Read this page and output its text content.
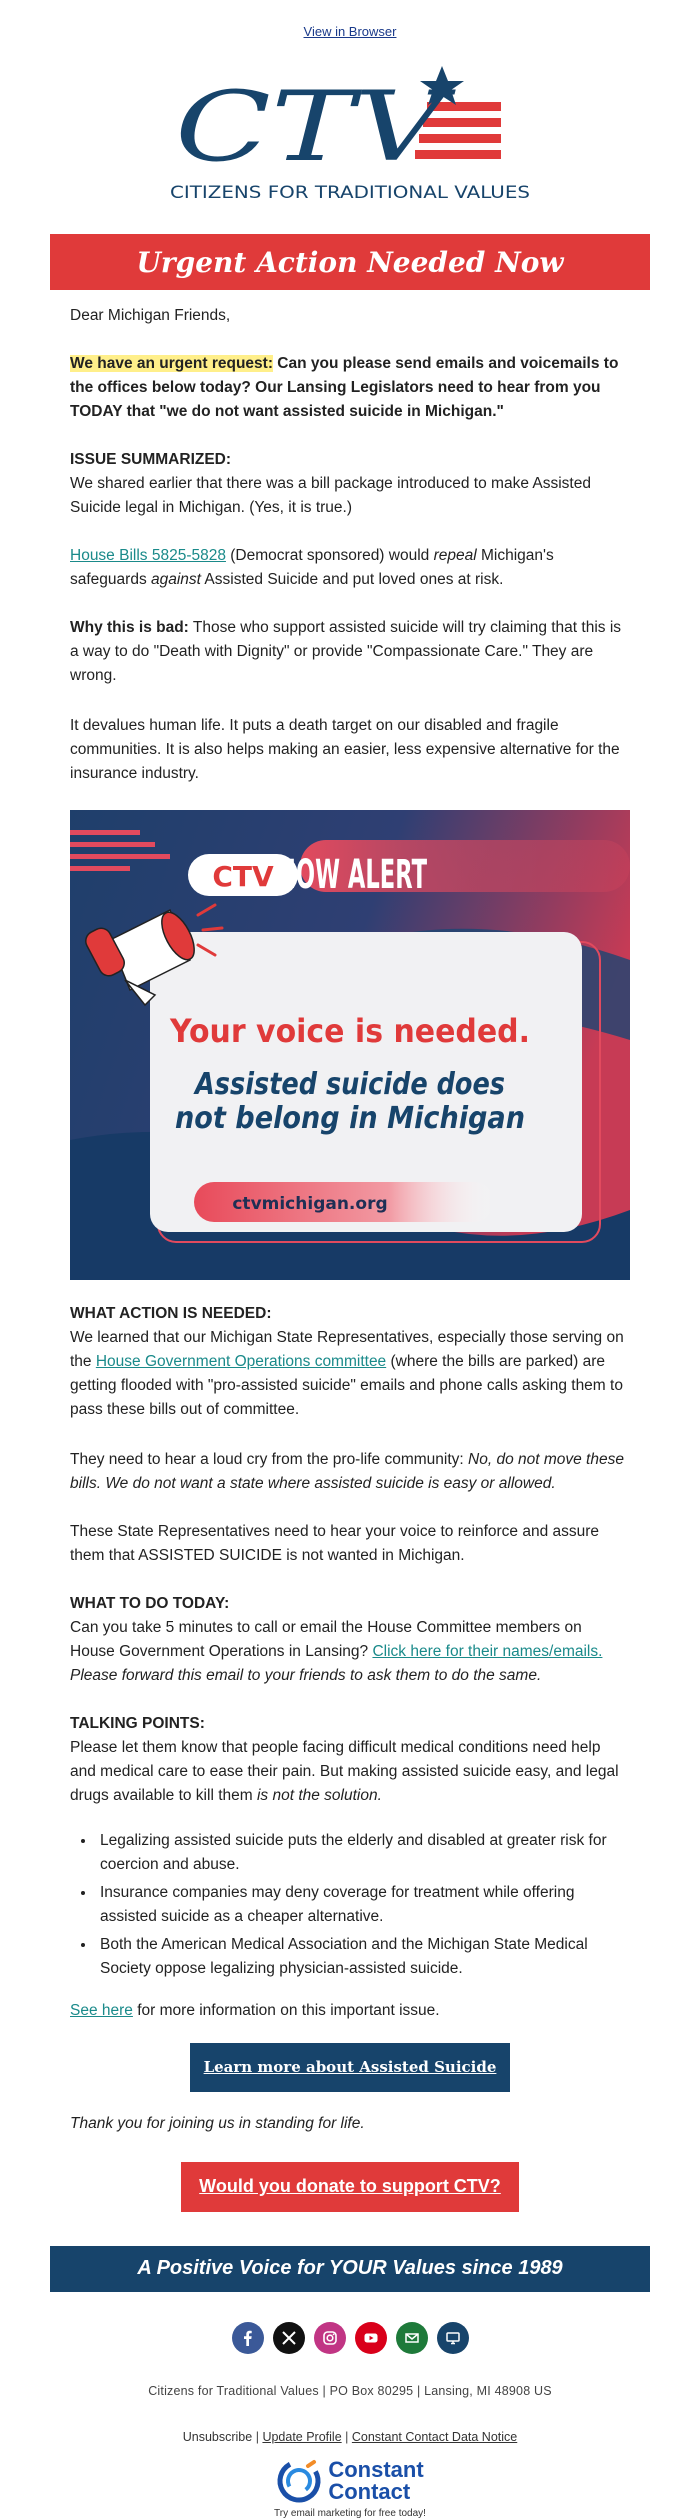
View in Browser
CTV
CITIZENS FOR TRADITIONAL VALUES
Urgent Action Needed Now

Dear Michigan Friends,

We have an urgent request: Can you please send emails and voicemails to the offices below today? Our Lansing Legislators need to hear from you TODAY that "we do not want assisted suicide in Michigan."

ISSUE SUMMARIZED:

We shared earlier that there was a bill package introduced to make Assisted Suicide legal in Michigan. (Yes, it is true.)

House Bills 5825-5828 (Democrat sponsored) would repeal Michigan's safeguards against Assisted Suicide and put loved ones at risk.

Why this is bad: Those who support assisted suicide will try claiming that this is a way to do "Death with Dignity" or provide "Compassionate Care." They are wrong.

It devalues human life. It puts a death target on our disabled and fragile communities. It is also helps making an easier, less expensive alternative for the insurance industry.

CTV NOW ALERT
Your voice is needed.
Assisted suicide does
not belong in Michigan
ctvmichigan.org

WHAT ACTION IS NEEDED:

We learned that our Michigan State Representatives, especially those serving on the House Government Operations committee (where the bills are parked) are getting flooded with "pro-assisted suicide" emails and phone calls asking them to pass these bills out of committee.

They need to hear a loud cry from the pro-life community: No, do not move these bills. We do not want a state where assisted suicide is easy or allowed.

These State Representatives need to hear your voice to reinforce and assure them that ASSISTED SUICIDE is not wanted in Michigan.

WHAT TO DO TODAY:

Can you take 5 minutes to call or email the House Committee members on House Government Operations in Lansing? Click here for their names/emails.
Please forward this email to your friends to ask them to do the same.

TALKING POINTS:

Please let them know that people facing difficult medical conditions need help and medical care to ease their pain. But making assisted suicide easy, and legal drugs available to kill them is not the solution.

• Legalizing assisted suicide puts the elderly and disabled at greater risk for coercion and abuse.
• Insurance companies may deny coverage for treatment while offering assisted suicide as a cheaper alternative.
• Both the American Medical Association and the Michigan State Medical Society oppose legalizing physician-assisted suicide.

See here for more information on this important issue.

Learn more about Assisted Suicide

Thank you for joining us in standing for life.

Would you donate to support CTV?
A Positive Voice for YOUR Values since 1989

Citizens for Traditional Values | PO Box 80295 | Lansing, MI 48908 US

Unsubscribe | Update Profile | Constant Contact Data Notice

Constant
Contact

Try email marketing for free today!
